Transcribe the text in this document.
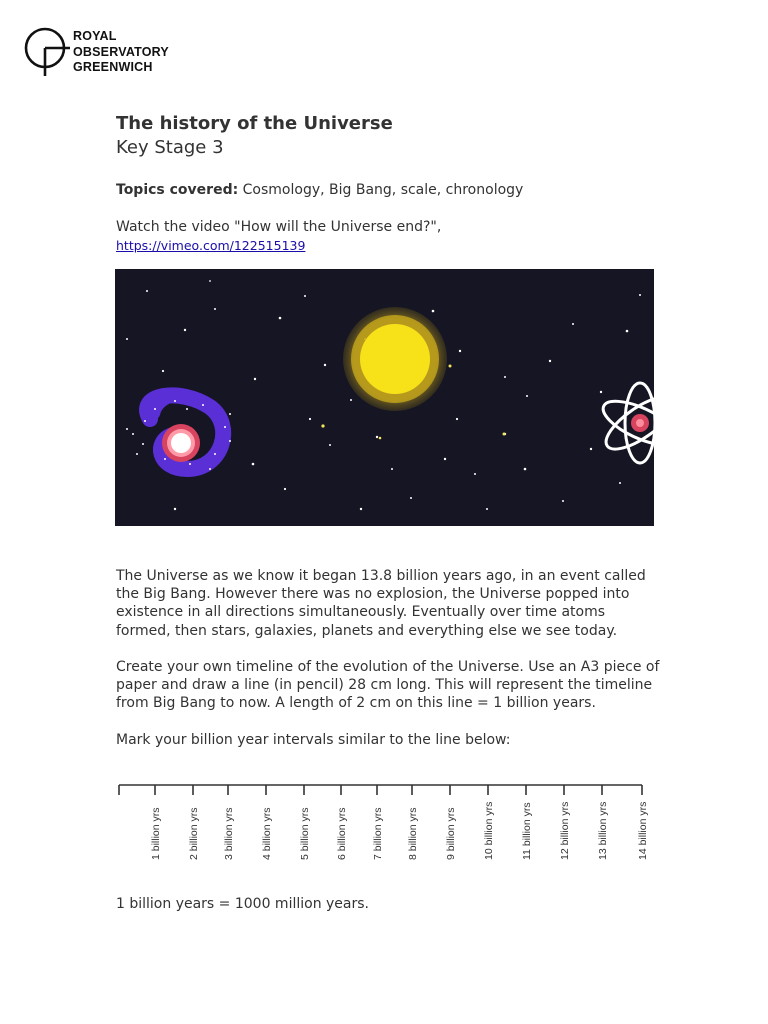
ROYAL
OBSERVATORY
GREENWICH
The history of the Universe
Key Stage 3
Topics covered: Cosmology, Big Bang, scale, chronology
Watch the video "How will the Universe end?",
https://vimeo.com/122515139

The Universe as we know it began 13.8 billion years ago, in an event called the Big Bang. However there was no explosion, the Universe popped into existence in all directions simultaneously. Eventually over time atoms formed, then stars, galaxies, planets and everything else we see today.

Create your own timeline of the evolution of the Universe. Use an A3 piece of paper and draw a line (in pencil) 28 cm long. This will represent the timeline from Big Bang to now. A length of 2 cm on this line = 1 billion years.

Mark your billion year intervals similar to the line below:

1 billion yrs 2 billion yrs 3 billion yrs 4 billion yrs 5 billion yrs 6 billion yrs 7 billion yrs 8 billion yrs 9 billion yrs 10 billion yrs 11 billion yrs 12 billion yrs 13 billion yrs	14 billion yrs
1 billion years = 1000 million years.
